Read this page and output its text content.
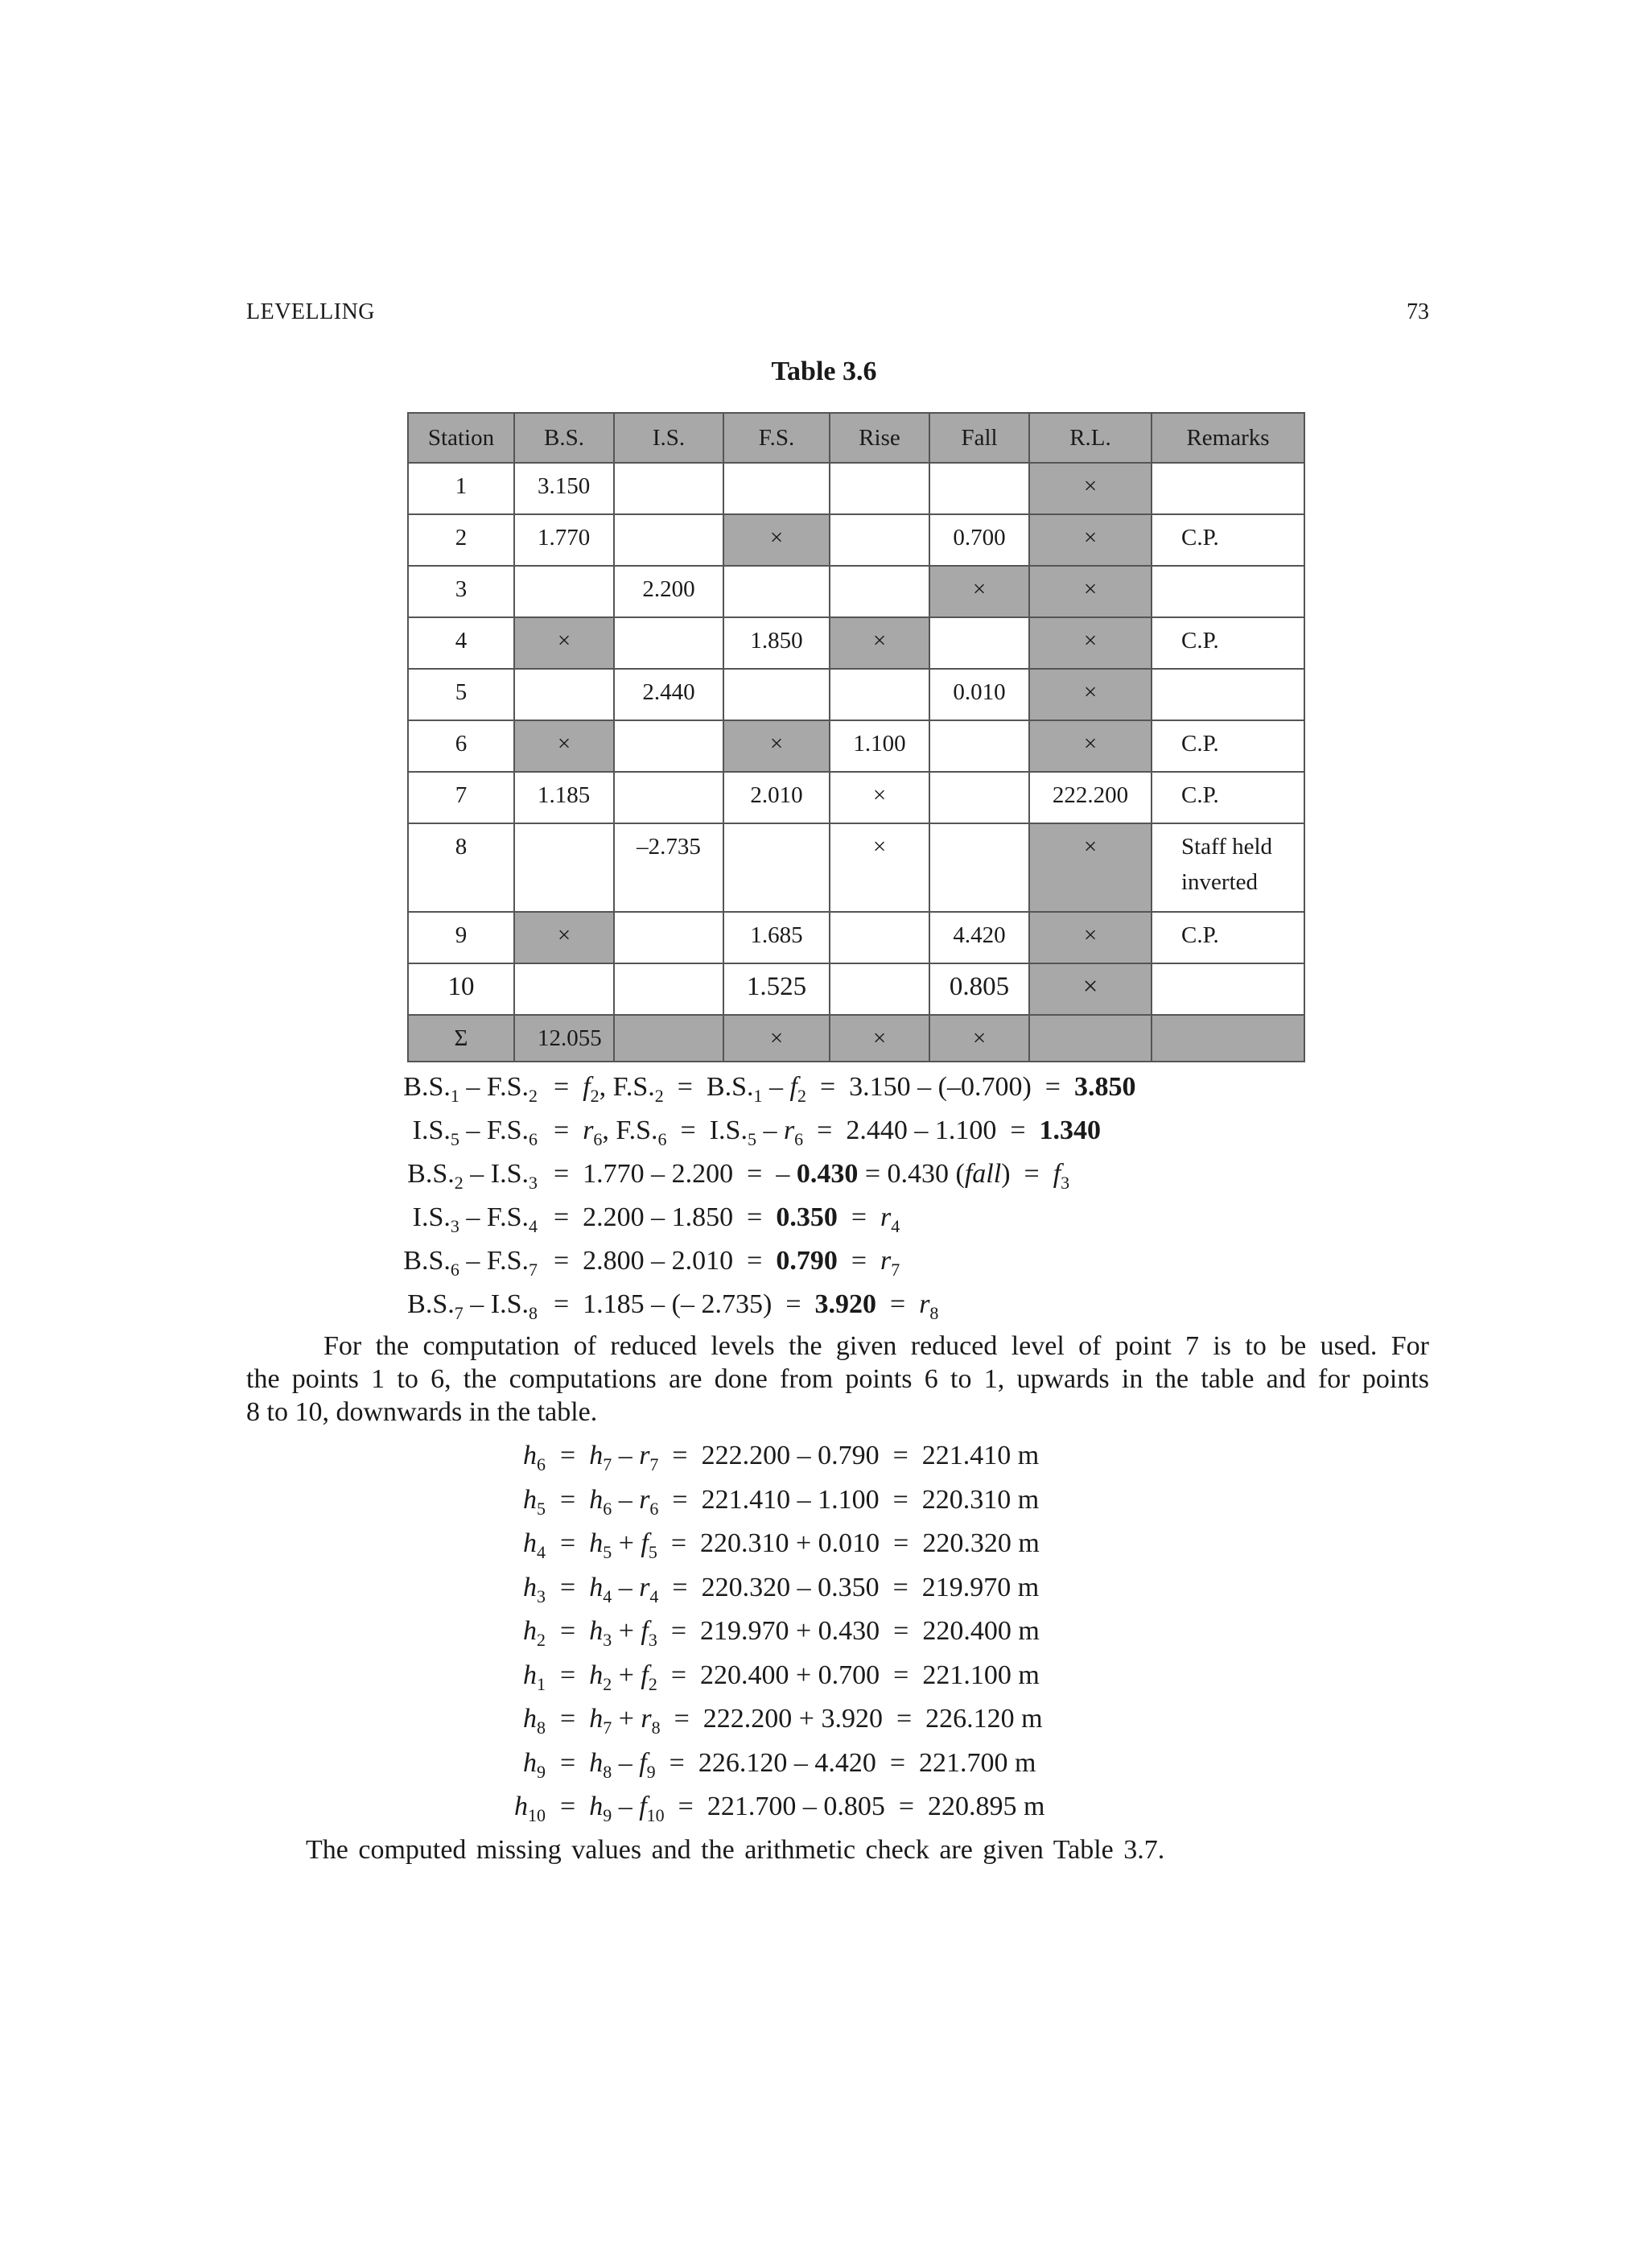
LEVELLING	73
Table 3.6
Station	B.S.	I.S.	F.S.	Rise	Fall	R.L.	Remarks
1	3.150					×	
2	1.770		×		0.700	×	C.P.
3		2.200			×	×	
4	×		1.850	×		×	C.P.
5		2.440			0.010	×	
6	×		×	1.100		×	C.P.
7	1.185		2.010	×		222.200	C.P.
8		–2.735		×		×	Staff held inverted
9	×		1.685		4.420	×	C.P.
10			1.525		0.805	×	
Σ	12.055		×	×	×		
$B.S._1 - F.S._2 = f_2$, $F.S._2 = B.S._1 - f_2 = 3.150 - (-0.700) = 3.850$
$I.S._5 - F.S._6 = r_6$, $F.S._6 = I.S._5 - r_6 = 2.440 - 1.100 = 1.340$
$B.S._2 - I.S._3 = 1.770 - 2.200$  =  – 0.430 = 0.430 (fall)  =  $f_3$
$I.S._3 - F.S._4 = 2.200 - 1.850 = 0.350 = r_4$
$B.S._6 - F.S._7 = 2.800 - 2.010 = 0.790 = r_7$
$B.S._7 - I.S._8 = 1.185$ – (– $2.735) = 3.920 = r_8$
For the computation of reduced levels the given reduced level of point 7 is to be used. For
the points 1 to 6, the computations are done from points 6 to 1, upwards in the table and for points
8 to 10, downwards in the table.
$h_6 = h_7 - r_7 = 222.200 - 0.790 = 221.410$ m
$h_5 = h_6 - r_6 = 221.410 - 1.100 = 220.310$ m
$h_4 = h_5 + f_5 = 220.310 + 0.010 = 220.320$ m
$h_3 = h_4 - r_4 = 220.320 - 0.350 = 219.970$ m
$h_2 = h_3 + f_3 = 219.970 + 0.430 = 220.400$ m
$h_1 = h_2 + f_2 = 220.400 + 0.700 = 221.100$ m
$h_8 = h_7 + r_8 = 222.200 + 3.920 = 226.120$ m
$h_9 = h_8 - f_9 = 226.120 - 4.420 = 221.700$ m
$h_{10} = h_9 - f_{10} = 221.700 - 0.805 = 220.895$ m
The computed missing values and the arithmetic check are given Table 3.7.
